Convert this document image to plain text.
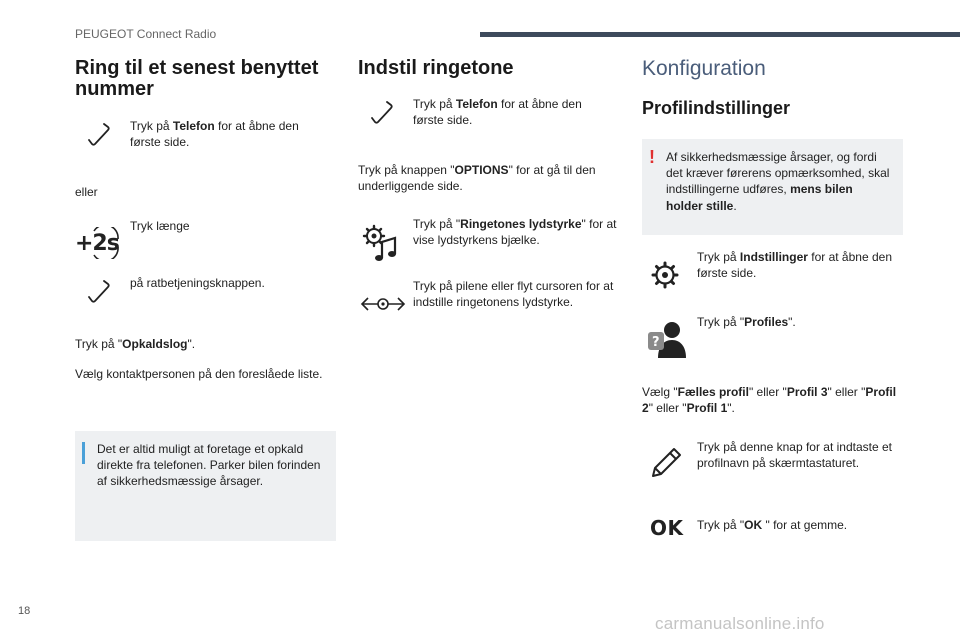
PEUGEOT Connect Radio
Ring til et senest benyttet nummer
Tryk på Telefon for at åbne den første side.
eller
Tryk længe
+2s
på ratbetjeningsknappen.
Tryk på "Opkaldslog".
Vælg kontaktpersonen på den foreslåede liste.
Det er altid muligt at foretage et opkald direkte fra telefonen. Parker bilen forinden af sikkerhedsmæssige årsager.
Indstil ringetone
Tryk på Telefon for at åbne den første side.
Tryk på knappen "OPTIONS" for at gå til den underliggende side.
Tryk på "Ringetones lydstyrke" for at vise lydstyrkens bjælke.
Tryk på pilene eller flyt cursoren for at indstille ringetonens lydstyrke.
Konfiguration
Profilindstillinger
! Af sikkerhedsmæssige årsager, og fordi det kræver førerens opmærksomhed, skal indstillingerne udføres, mens bilen holder stille.
Tryk på Indstillinger for at åbne den første side.
?
Tryk på "Profiles".
Vælg "Fælles profil" eller "Profil 3" eller "Profil 2" eller "Profil 1".
Tryk på denne knap for at indtaste et profilnavn på skærmtastaturet.
OK Tryk på "OK " for at gemme.
18
carmanualsonline.info
